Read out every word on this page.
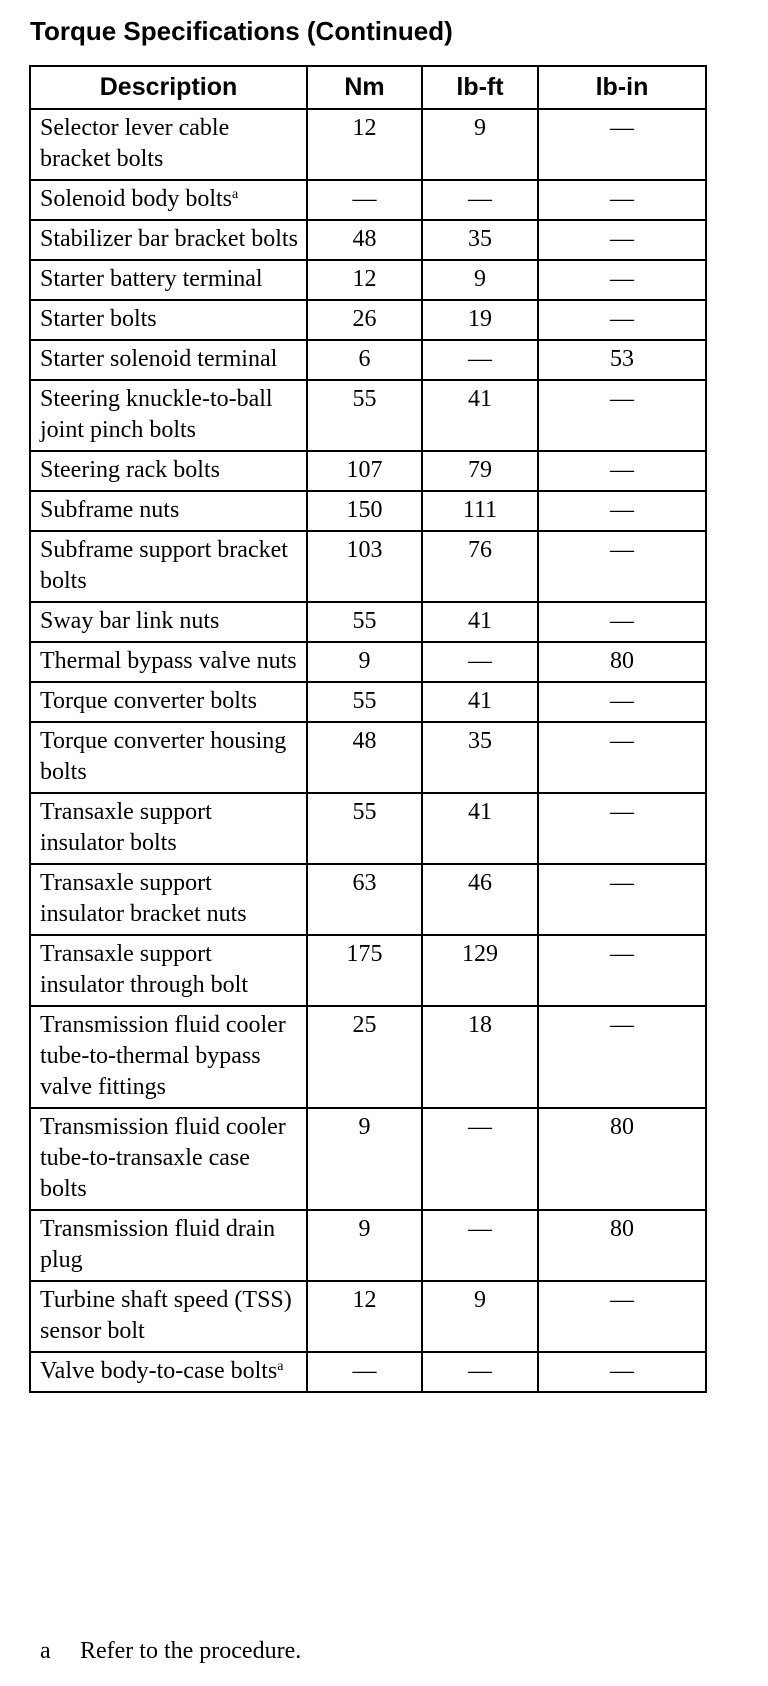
Torque Specifications (Continued)
Description	Nm	lb-ft	lb-in
Selector lever cable bracket bolts	12	9	—
Solenoid body bolts$^a$	—	—	—
Stabilizer bar bracket bolts	48	35	—
Starter battery terminal	12	9	—
Starter bolts	26	19	—
Starter solenoid terminal	6	—	53
Steering knuckle-to-ball joint pinch bolts	55	41	—
Steering rack bolts	107	79	—
Subframe nuts	150	111	—
Subframe support bracket bolts	103	76	—
Sway bar link nuts	55	41	—
Thermal bypass valve nuts	9	—	80
Torque converter bolts	55	41	—
Torque converter housing bolts	48	35	—
Transaxle support insulator bolts	55	41	—
Transaxle support insulator bracket nuts	63	46	—
Transaxle support insulator through bolt	175	129	—
Transmission fluid cooler tube-to-thermal bypass valve fittings	25	18	—
Transmission fluid cooler tube-to-transaxle case bolts	9	—	80
Transmission fluid drain plug	9	—	80
Turbine shaft speed (TSS) sensor bolt	12	9	—
Valve body-to-case bolts$^a$	—	—	—
a Refer to the procedure.
